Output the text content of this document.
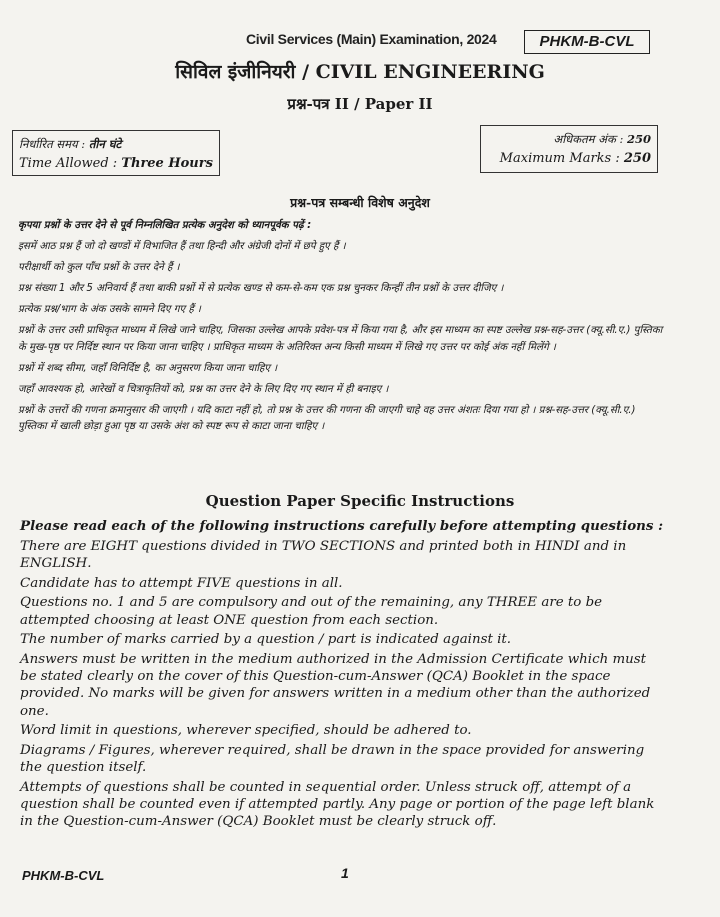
Civil Services (Main) Examination, 2024	PHKM-B-CVL
सिविल इंजीनियरी / CIVIL ENGINEERING
प्रश्न-पत्र II / Paper II
निर्धारित समय : तीन घंटे
Time Allowed : Three Hours
अधिकतम अंक : 250
Maximum Marks : 250
प्रश्न-पत्र सम्बन्धी विशेष अनुदेश

कृपया प्रश्नों के उत्तर देने से पूर्व निम्नलिखित प्रत्येक अनुदेश को ध्यानपूर्वक पढ़ें :

इसमें आठ प्रश्न हैं जो दो खण्डों में विभाजित हैं तथा हिन्दी और अंग्रेजी दोनों में छपे हुए हैं ।

परीक्षार्थी को कुल पाँच प्रश्नों के उत्तर देने हैं ।

प्रश्न संख्या 1 और 5 अनिवार्य हैं तथा बाकी प्रश्नों में से प्रत्येक खण्ड से कम-से-कम एक प्रश्न चुनकर किन्हीं तीन प्रश्नों के उत्तर दीजिए ।

प्रत्येक प्रश्न/भाग के अंक उसके सामने दिए गए हैं ।

प्रश्नों के उत्तर उसी प्राधिकृत माध्यम में लिखे जाने चाहिए, जिसका उल्लेख आपके प्रवेश-पत्र में किया गया है, और इस माध्यम का स्पष्ट उल्लेख प्रश्न-सह-उत्तर (क्यू.सी.ए.) पुस्तिका के मुख-पृष्ठ पर निर्दिष्ट स्थान पर किया जाना चाहिए । प्राधिकृत माध्यम के अतिरिक्त अन्य किसी माध्यम में लिखे गए उत्तर पर कोई अंक नहीं मिलेंगे ।

प्रश्नों में शब्द सीमा, जहाँ विनिर्दिष्ट है, का अनुसरण किया जाना चाहिए ।

जहाँ आवश्यक हो, आरेखों व चित्राकृतियों को, प्रश्न का उत्तर देने के लिए दिए गए स्थान में ही बनाइए ।

प्रश्नों के उत्तरों की गणना क्रमानुसार की जाएगी । यदि काटा नहीं हो, तो प्रश्न के उत्तर की गणना की जाएगी चाहे वह उत्तर अंशतः दिया गया हो । प्रश्न-सह-उत्तर (क्यू.सी.ए.) पुस्तिका में खाली छोड़ा हुआ पृष्ठ या उसके अंश को स्पष्ट रूप से काटा जाना चाहिए ।

Question Paper Specific Instructions

Please read each of the following instructions carefully before attempting questions :

There are EIGHT questions divided in TWO SECTIONS and printed both in HINDI and in ENGLISH.

Candidate has to attempt FIVE questions in all.

Questions no. 1 and 5 are compulsory and out of the remaining, any THREE are to be attempted choosing at least ONE question from each section.

The number of marks carried by a question / part is indicated against it.

Answers must be written in the medium authorized in the Admission Certificate which must be stated clearly on the cover of this Question-cum-Answer (QCA) Booklet in the space provided. No marks will be given for answers written in a medium other than the authorized one.

Word limit in questions, wherever specified, should be adhered to.

Diagrams / Figures, wherever required, shall be drawn in the space provided for answering the question itself.

Attempts of questions shall be counted in sequential order. Unless struck off, attempt of a question shall be counted even if attempted partly. Any page or portion of the page left blank in the Question-cum-Answer (QCA) Booklet must be clearly struck off.

PHKM-B-CVL	1
